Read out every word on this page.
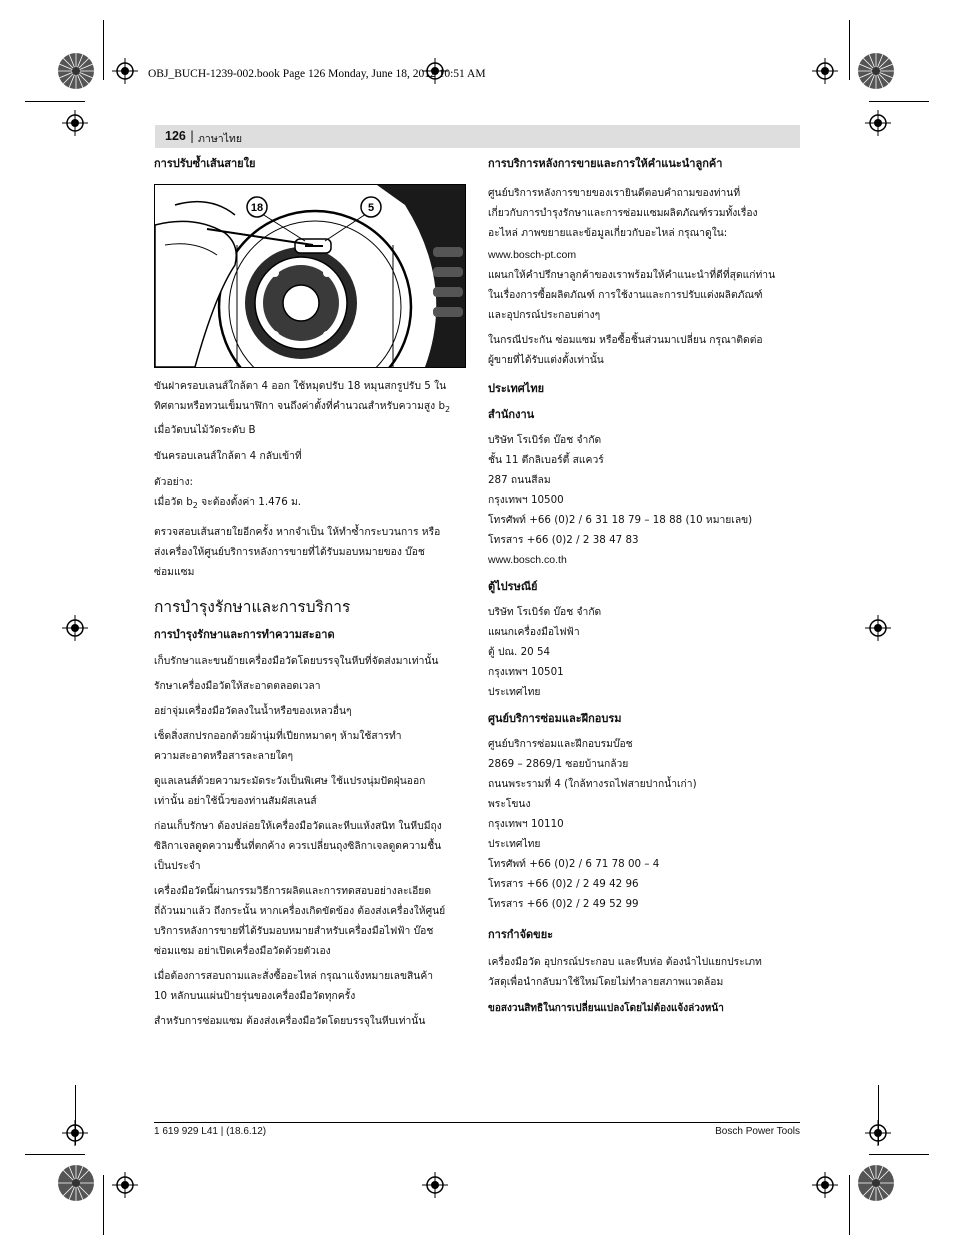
OBJ_BUCH-1239-002.book Page 126 Monday, June 18, 2012 10:51 AM
126 | ภาษาไทย

การปรับซ้ำเส้นสายใย

18	5

ขันฝาครอบเลนส์ใกล้ตา 4 ออก ใช้หมุดปรับ 18 หมุนสกรูปรับ 5 ใน

ทิศตามหรือทวนเข็มนาฬิกา จนถึงค่าตั้งที่คำนวณสำหรับความสูง $b_2$

เมื่อวัดบนไม้วัดระดับ B

ขันครอบเลนส์ใกล้ตา 4 กลับเข้าที่

ตัวอย่าง:

เมื่อวัด $b_2$ จะต้องตั้งค่า 1.476 ม.

ตรวจสอบเส้นสายใยอีกครั้ง หากจำเป็น ให้ทำซ้ำกระบวนการ หรือ

ส่งเครื่องให้ศูนย์บริการหลังการขายที่ได้รับมอบหมายของ บ๊อช

ซ่อมแซม

การบำรุงรักษาและการบริการ

การบำรุงรักษาและการทำความสะอาด

เก็บรักษาและขนย้ายเครื่องมือวัดโดยบรรจุในหีบที่จัดส่งมาเท่านั้น

รักษาเครื่องมือวัดให้สะอาดตลอดเวลา

อย่าจุ่มเครื่องมือวัดลงในน้ำหรือของเหลวอื่นๆ

เช็ดสิ่งสกปรกออกด้วยผ้านุ่มที่เปียกหมาดๆ ห้ามใช้สารทำ

ความสะอาดหรือสารละลายใดๆ

ดูแลเลนส์ด้วยความระมัดระวังเป็นพิเศษ ใช้แปรงนุ่มปัดฝุ่นออก

เท่านั้น อย่าใช้นิ้วของท่านสัมผัสเลนส์

ก่อนเก็บรักษา ต้องปล่อยให้เครื่องมือวัดและหีบแห้งสนิท ในหีบมีถุง

ซิลิกาเจลดูดความชื้นที่ตกค้าง ควรเปลี่ยนถุงซิลิกาเจลดูดความชื้น

เป็นประจำ

เครื่องมือวัดนี้ผ่านกรรมวิธีการผลิตและการทดสอบอย่างละเอียด

ถี่ถ้วนมาแล้ว ถึงกระนั้น หากเครื่องเกิดขัดข้อง ต้องส่งเครื่องให้ศูนย์

บริการหลังการขายที่ได้รับมอบหมายสำหรับเครื่องมือไฟฟ้า บ๊อช

ซ่อมแซม อย่าเปิดเครื่องมือวัดด้วยตัวเอง

เมื่อต้องการสอบถามและสั่งซื้ออะไหล่ กรุณาแจ้งหมายเลขสินค้า

10 หลักบนแผ่นป้ายรุ่นของเครื่องมือวัดทุกครั้ง

สำหรับการซ่อมแซม ต้องส่งเครื่องมือวัดโดยบรรจุในหีบเท่านั้น

การบริการหลังการขายและการให้คำแนะนำลูกค้า

ศูนย์บริการหลังการขายของเรายินดีตอบคำถามของท่านที่

เกี่ยวกับการบำรุงรักษาและการซ่อมแซมผลิตภัณฑ์รวมทั้งเรื่อง

อะไหล่ ภาพขยายและข้อมูลเกี่ยวกับอะไหล่ กรุณาดูใน:

www.bosch-pt.com

แผนกให้คำปรึกษาลูกค้าของเราพร้อมให้คำแนะนำที่ดีที่สุดแก่ท่าน

ในเรื่องการซื้อผลิตภัณฑ์ การใช้งานและการปรับแต่งผลิตภัณฑ์

และอุปกรณ์ประกอบต่างๆ

ในกรณีประกัน ซ่อมแซม หรือซื้อชิ้นส่วนมาเปลี่ยน กรุณาติดต่อ

ผู้ขายที่ได้รับแต่งตั้งเท่านั้น

ประเทศไทย

สำนักงาน

บริษัท โรเบิร์ต บ๊อช จำกัด

ชั้น 11 ตึกลิเบอร์ตี้ สแควร์

287 ถนนสีลม

กรุงเทพฯ 10500

โทรศัพท์ +66 (0)2 / 6 31 18 79 – 18 88 (10 หมายเลข)

โทรสาร +66 (0)2 / 2 38 47 83

www.bosch.co.th

ตู้ไปรษณีย์

บริษัท โรเบิร์ต บ๊อช จำกัด

แผนกเครื่องมือไฟฟ้า

ตู้ ปณ. 20 54

กรุงเทพฯ 10501

ประเทศไทย

ศูนย์บริการซ่อมและฝึกอบรม

ศูนย์บริการซ่อมและฝึกอบรมบ๊อช

2869 – 2869/1 ซอยบ้านกล้วย

ถนนพระรามที่ 4 (ใกล้ทางรถไฟสายปากน้ำเก่า)

พระโขนง

กรุงเทพฯ 10110

ประเทศไทย

โทรศัพท์ +66 (0)2 / 6 71 78 00 – 4

โทรสาร +66 (0)2 / 2 49 42 96

โทรสาร +66 (0)2 / 2 49 52 99

การกำจัดขยะ

เครื่องมือวัด อุปกรณ์ประกอบ และหีบห่อ ต้องนำไปแยกประเภท

วัสดุเพื่อนำกลับมาใช้ใหม่โดยไม่ทำลายสภาพแวดล้อม

ขอสงวนสิทธิในการเปลี่ยนแปลงโดยไม่ต้องแจ้งล่วงหน้า

1 619 929 L41 | (18.6.12)	Bosch Power Tools
